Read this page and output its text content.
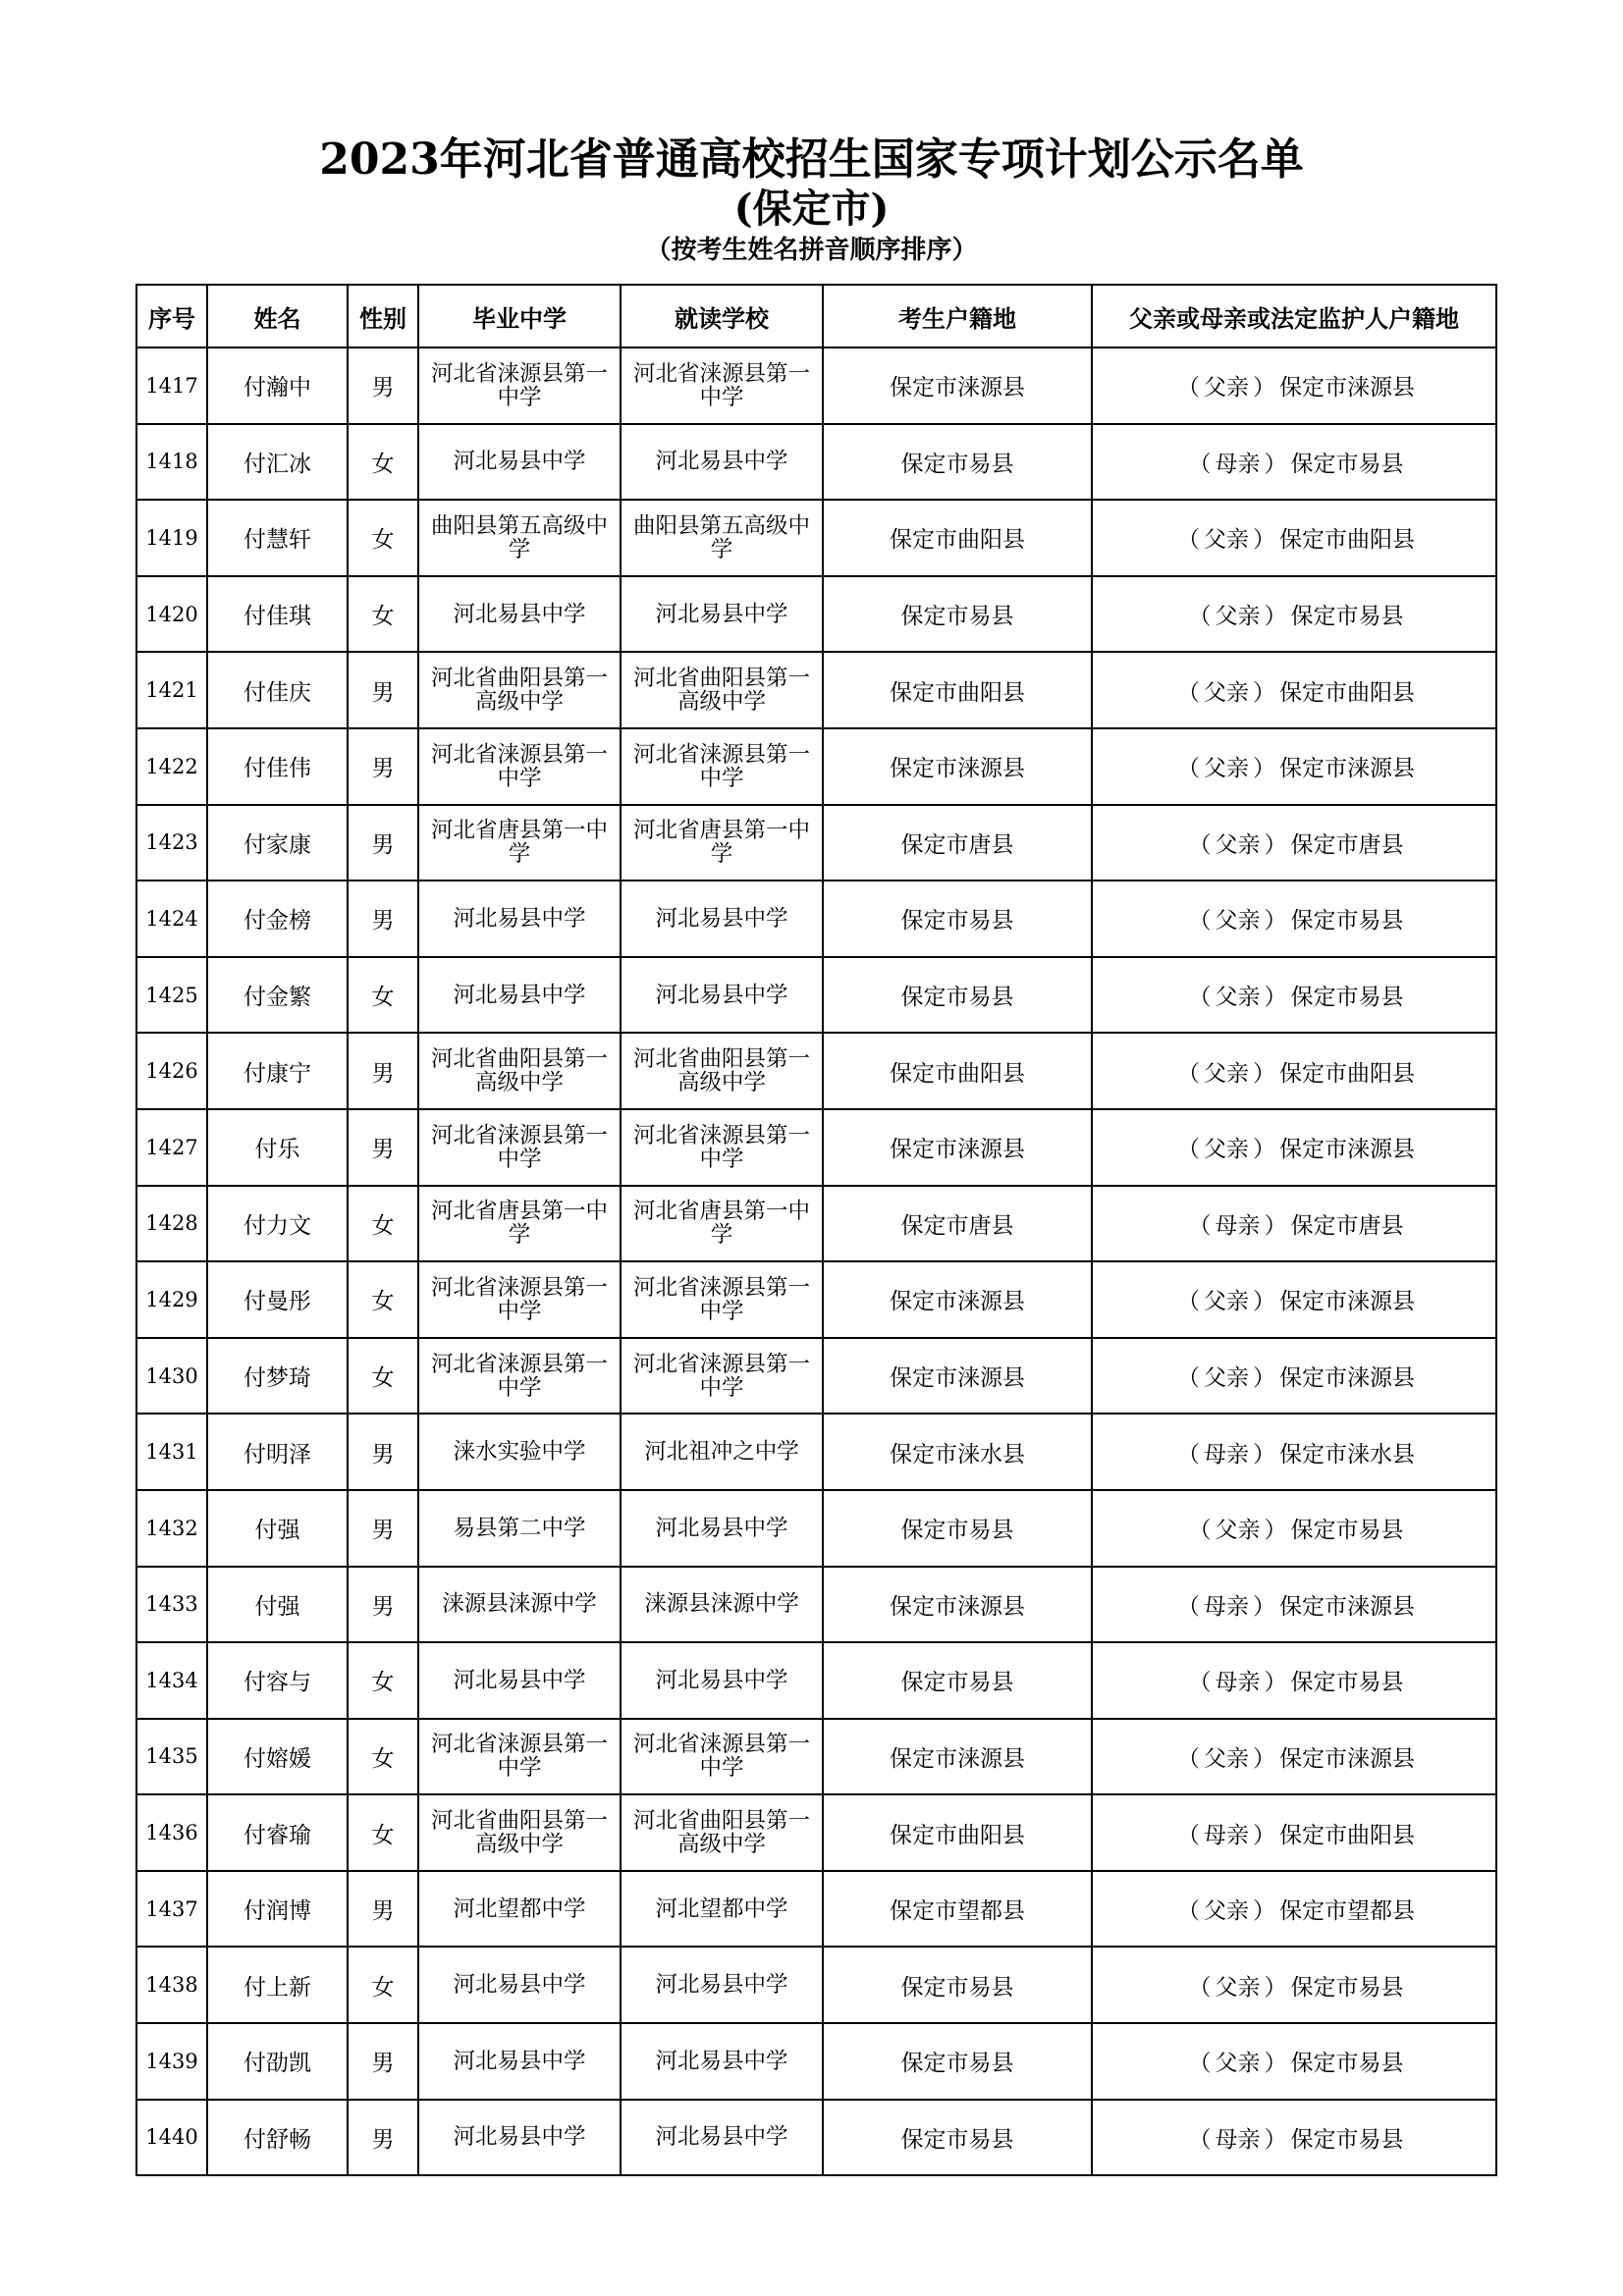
2023年河北省普通高校招生国家专项计划公示名单
(保定市)
（按考生姓名拼音顺序排序）
序号	姓名	性别	毕业中学	就读学校	考生户籍地	父亲或母亲或法定监护人户籍地
1417	付瀚中	男	河北省涞源县第一中学	河北省涞源县第一中学	保定市涞源县	（ 父亲 ） 保定市涞源县
1418	付汇冰	女	河北易县中学	河北易县中学	保定市易县	（ 母亲 ） 保定市易县
1419	付慧轩	女	曲阳县第五高级中学	曲阳县第五高级中学	保定市曲阳县	（ 父亲 ） 保定市曲阳县
1420	付佳琪	女	河北易县中学	河北易县中学	保定市易县	（ 父亲 ） 保定市易县
1421	付佳庆	男	河北省曲阳县第一高级中学	河北省曲阳县第一高级中学	保定市曲阳县	（ 父亲 ） 保定市曲阳县
1422	付佳伟	男	河北省涞源县第一中学	河北省涞源县第一中学	保定市涞源县	（ 父亲 ） 保定市涞源县
1423	付家康	男	河北省唐县第一中学	河北省唐县第一中学	保定市唐县	（ 父亲 ） 保定市唐县
1424	付金榜	男	河北易县中学	河北易县中学	保定市易县	（ 父亲 ） 保定市易县
1425	付金繁	女	河北易县中学	河北易县中学	保定市易县	（ 父亲 ） 保定市易县
1426	付康宁	男	河北省曲阳县第一高级中学	河北省曲阳县第一高级中学	保定市曲阳县	（ 父亲 ） 保定市曲阳县
1427	付乐	男	河北省涞源县第一中学	河北省涞源县第一中学	保定市涞源县	（ 父亲 ） 保定市涞源县
1428	付力文	女	河北省唐县第一中学	河北省唐县第一中学	保定市唐县	（ 母亲 ） 保定市唐县
1429	付曼彤	女	河北省涞源县第一中学	河北省涞源县第一中学	保定市涞源县	（ 父亲 ） 保定市涞源县
1430	付梦琦	女	河北省涞源县第一中学	河北省涞源县第一中学	保定市涞源县	（ 父亲 ） 保定市涞源县
1431	付明泽	男	涞水实验中学	河北祖冲之中学	保定市涞水县	（ 母亲 ） 保定市涞水县
1432	付强	男	易县第二中学	河北易县中学	保定市易县	（ 父亲 ） 保定市易县
1433	付强	男	涞源县涞源中学	涞源县涞源中学	保定市涞源县	（ 母亲 ） 保定市涞源县
1434	付容与	女	河北易县中学	河北易县中学	保定市易县	（ 母亲 ） 保定市易县
1435	付嫆媛	女	河北省涞源县第一中学	河北省涞源县第一中学	保定市涞源县	（ 父亲 ） 保定市涞源县
1436	付睿瑜	女	河北省曲阳县第一高级中学	河北省曲阳县第一高级中学	保定市曲阳县	（ 母亲 ） 保定市曲阳县
1437	付润博	男	河北望都中学	河北望都中学	保定市望都县	（ 父亲 ） 保定市望都县
1438	付上新	女	河北易县中学	河北易县中学	保定市易县	（ 父亲 ） 保定市易县
1439	付劭凯	男	河北易县中学	河北易县中学	保定市易县	（ 父亲 ） 保定市易县
1440	付舒畅	男	河北易县中学	河北易县中学	保定市易县	（ 母亲 ） 保定市易县
